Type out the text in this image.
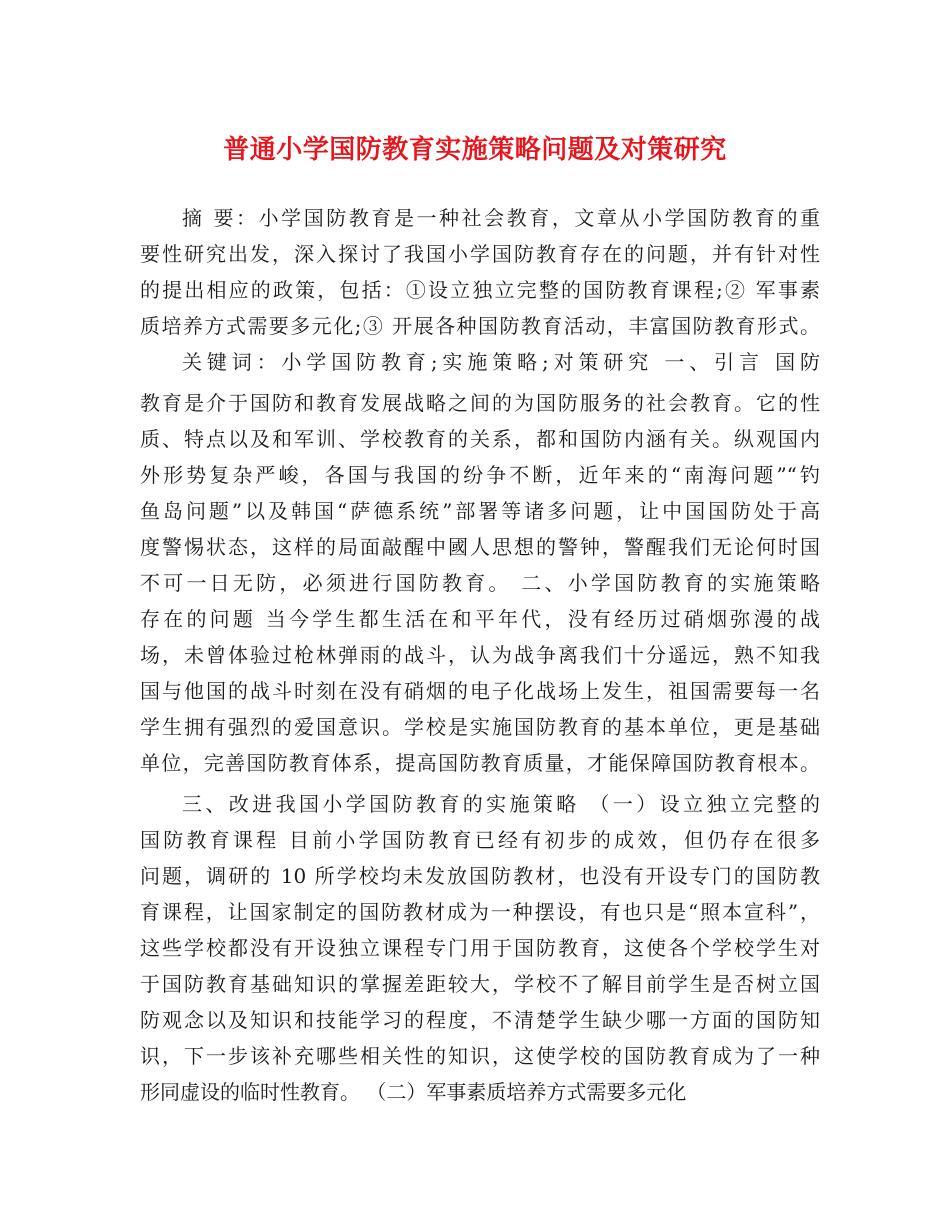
普通小学国防教育实施策略问题及对策研究
摘 要：小学国防教育是一种社会教育，文章从小学国防教育的重
要性研究出发，深入探讨了我国小学国防教育存在的问题，并有针对性
的提出相应的政策，包括：①设立独立完整的国防教育课程;② 军事素
质培养方式需要多元化;③ 开展各种国防教育活动，丰富国防教育形式。
关键词：小学国防教育;实施策略;对策研究 一、引言 国防
教育是介于国防和教育发展战略之间的为国防服务的社会教育。它的性
质、特点以及和军训、学校教育的关系，都和国防内涵有关。纵观国内
外形势复杂严峻，各国与我国的纷争不断，近年来的“南海问题”“钓
鱼岛问题”以及韩国“萨德系统”部署等诸多问题，让中国国防处于高
度警惕状态，这样的局面敲醒中國人思想的警钟，警醒我们无论何时国
不可一日无防，必须进行国防教育。 二、小学国防教育的实施策略
存在的问题 当今学生都生活在和平年代，没有经历过硝烟弥漫的战
场，未曾体验过枪林弹雨的战斗，认为战争离我们十分遥远，熟不知我
国与他国的战斗时刻在没有硝烟的电子化战场上发生，祖国需要每一名
学生拥有强烈的爱国意识。学校是实施国防教育的基本单位，更是基础
单位，完善国防教育体系，提高国防教育质量，才能保障国防教育根本。
三、改进我国小学国防教育的实施策略 （一）设立独立完整的
国防教育课程 目前小学国防教育已经有初步的成效，但仍存在很多
问题，调研的 10 所学校均未发放国防教材，也没有开设专门的国防教
育课程，让国家制定的国防教材成为一种摆设，有也只是“照本宣科”，
这些学校都没有开设独立课程专门用于国防教育，这使各个学校学生对
于国防教育基础知识的掌握差距较大，学校不了解目前学生是否树立国
防观念以及知识和技能学习的程度，不清楚学生缺少哪一方面的国防知
识，下一步该补充哪些相关性的知识，这使学校的国防教育成为了一种
形同虚设的临时性教育。 （二）军事素质培养方式需要多元化
